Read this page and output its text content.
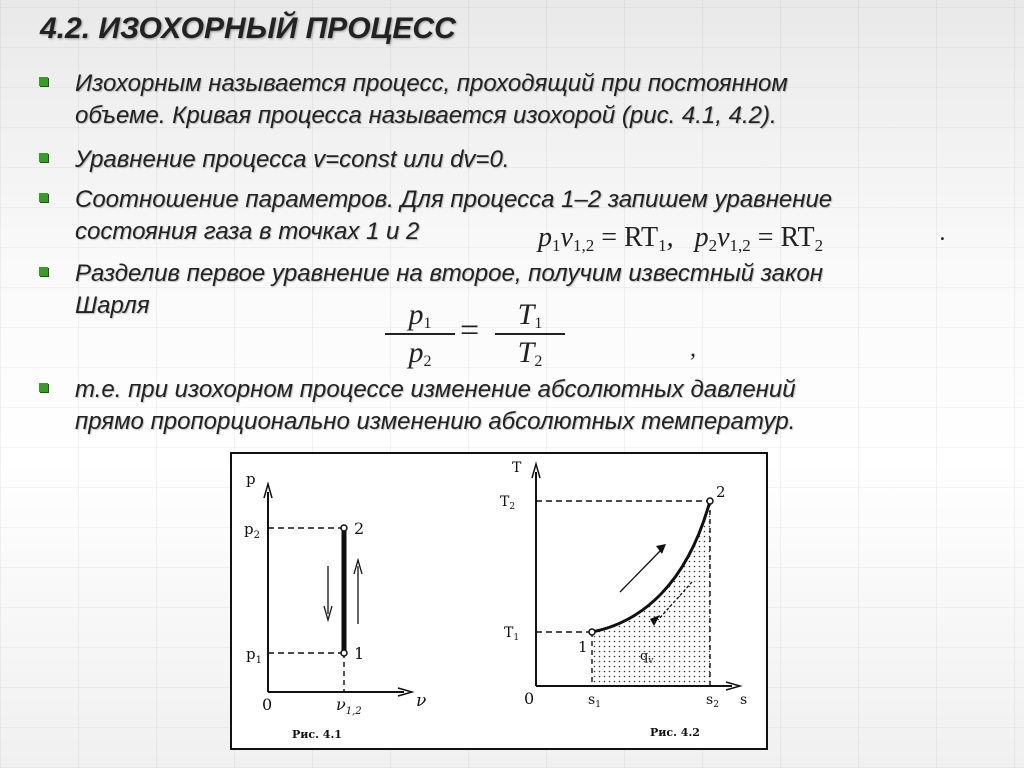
4.2. ИЗОХОРНЫЙ ПРОЦЕСС

Изохорным называется процесс, проходящий при постоянном
объеме. Кривая процесса называется изохорой (рис. 4.1, 4.2).

Уравнение процесса v=const или dv=0.

Соотношение параметров. Для процесса 1–2 запишем уравнение
состояния газа в точках 1 и 2	$p_1v_{1,2} = RT_1$, $p_2v_{1,2} = RT_2$	.

Разделив первое уравнение на второе, получим известный закон
Шарля	$p_1$
$p_2$
=	$T_1$
$T_2$	,

т.е. при изохорном процессе изменение абсолютных давлений
прямо пропорционально изменению абсолютных температур.

p
ν
0
$p_2$
$p_1$
2
1
$\nu_{1,2}$
Рис. 4.1
T
s
0
$T_2$
$T_1$	1
2
$q_v$
$s_1$	$s_2$
Рис. 4.2
